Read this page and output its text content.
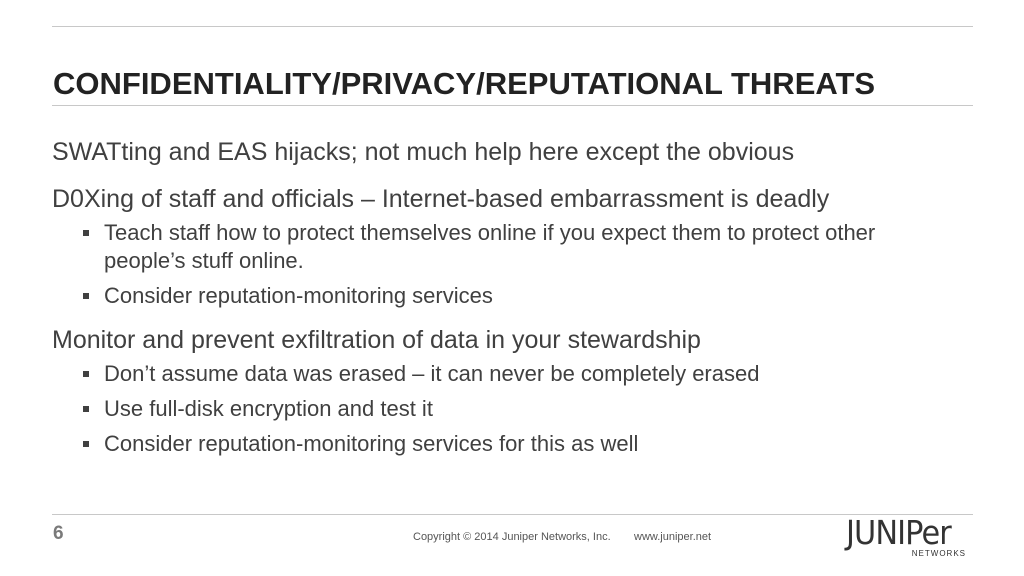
CONFIDENTIALITY/PRIVACY/REPUTATIONAL THREATS

SWATting and EAS hijacks; not much help here except the obvious

D0Xing of staff and officials – Internet-based embarrassment is deadly

Teach staff how to protect themselves online if you expect them to protect other people’s stuff online.
Consider reputation-monitoring services

Monitor and prevent exfiltration of data in your stewardship

Don’t assume data was erased – it can never be completely erased
Use full-disk encryption and test it
Consider reputation-monitoring services for this as well
6	Copyright © 2014 Juniper Networks, Inc. www.juniper.net	JUNIPer
NETWORKS
